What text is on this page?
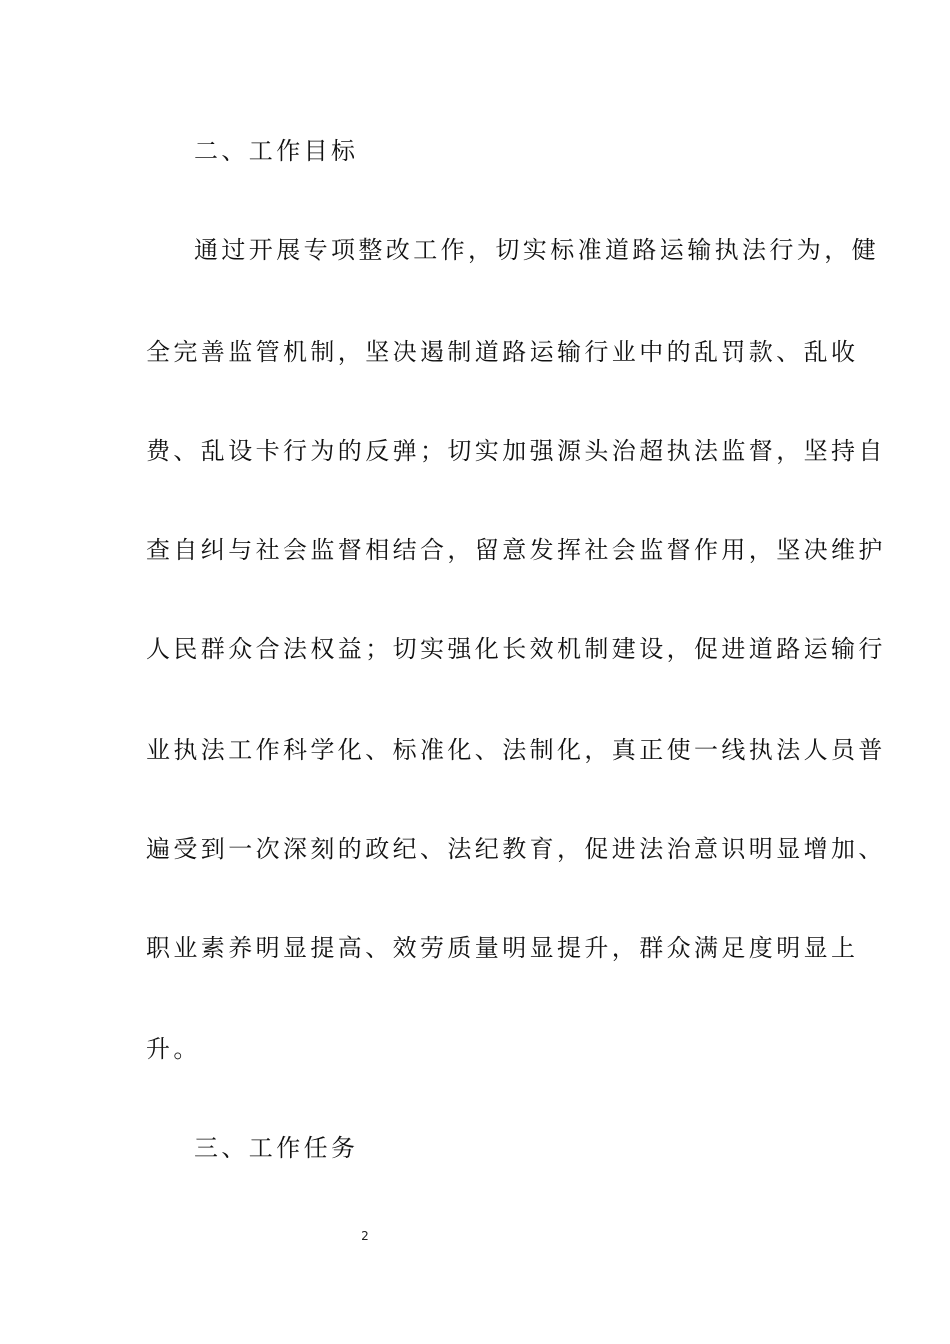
二、工作目标
通过开展专项整改工作，切实标准道路运输执法行为，健
全完善监管机制，坚决遏制道路运输行业中的乱罚款、乱收
费、乱设卡行为的反弹；切实加强源头治超执法监督，坚持自
查自纠与社会监督相结合，留意发挥社会监督作用，坚决维护
人民群众合法权益；切实强化长效机制建设，促进道路运输行
业执法工作科学化、标准化、法制化，真正使一线执法人员普
遍受到一次深刻的政纪、法纪教育，促进法治意识明显增加、
职业素养明显提高、效劳质量明显提升，群众满足度明显上
升。
三、工作任务
2
